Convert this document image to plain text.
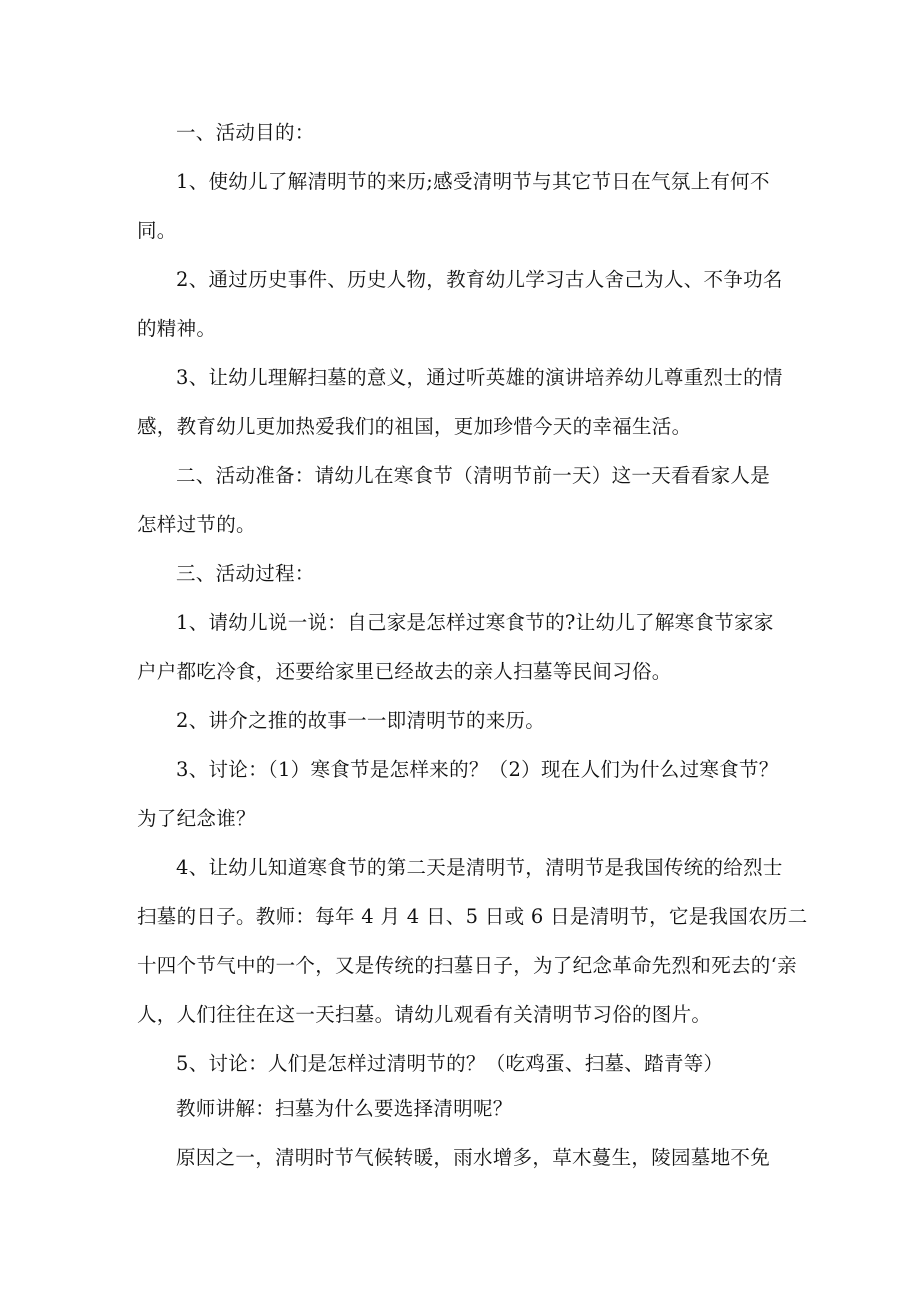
一、活动目的：
1、使幼儿了解清明节的来历;感受清明节与其它节日在气氛上有何不
同。
2、通过历史事件、历史人物，教育幼儿学习古人舍己为人、不争功名
的精神。
3、让幼儿理解扫墓的意义，通过听英雄的演讲培养幼儿尊重烈士的情
感，教育幼儿更加热爱我们的祖国，更加珍惜今天的幸福生活。
二、活动准备：请幼儿在寒食节（清明节前一天）这一天看看家人是
怎样过节的。
三、活动过程：
1、请幼儿说一说：自己家是怎样过寒食节的?让幼儿了解寒食节家家
户户都吃冷食，还要给家里已经故去的亲人扫墓等民间习俗。
2、讲介之推的故事一一即清明节的来历。
3、讨论：（1）寒食节是怎样来的？（2）现在人们为什么过寒食节？
为了纪念谁？
4、让幼儿知道寒食节的第二天是清明节，清明节是我国传统的给烈士
扫墓的日子。教师：每年 4 月 4 日、5 日或 6 日是清明节，它是我国农历二
十四个节气中的一个，又是传统的扫墓日子，为了纪念革命先烈和死去的‘亲
人，人们往往在这一天扫墓。请幼儿观看有关清明节习俗的图片。
5、讨论：人们是怎样过清明节的？（吃鸡蛋、扫墓、踏青等）
教师讲解：扫墓为什么要选择清明呢？
原因之一，清明时节气候转暖，雨水增多，草木蔓生，陵园墓地不免
